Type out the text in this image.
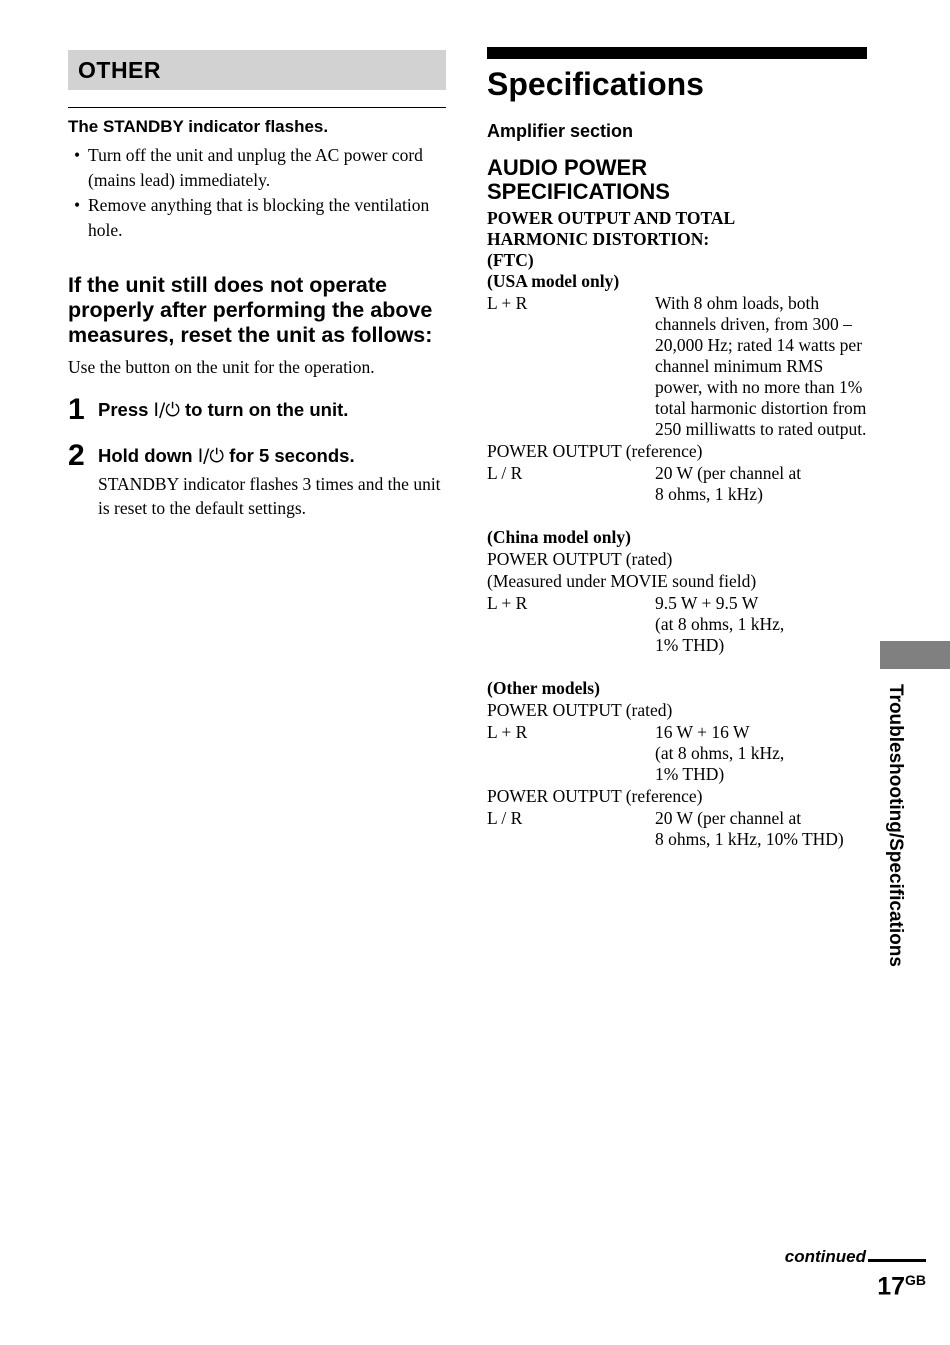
OTHER
The STANDBY indicator flashes.
• Turn off the unit and unplug the AC power cord (mains lead) immediately.
• Remove anything that is blocking the ventilation hole.
If the unit still does not operate properly after performing the above measures, reset the unit as follows:
Use the button on the unit for the operation.
1 Press I/⏻ to turn on the unit.
2 Hold down I/⏻ for 5 seconds.
STANDBY indicator flashes 3 times and the unit is reset to the default settings.
Specifications
Amplifier section
AUDIO POWER
SPECIFICATIONS
POWER OUTPUT AND TOTAL
HARMONIC DISTORTION:
(FTC)
(USA model only)
L + R	With 8 ohm loads, both channels driven, from 300 – 20,000 Hz; rated 14 watts per channel minimum RMS power, with no more than 1% total harmonic distortion from 250 milliwatts to rated output.
POWER OUTPUT (reference)
L / R	20 W (per channel at
8 ohms, 1 kHz)
(China model only)
POWER OUTPUT (rated)
(Measured under MOVIE sound field)
L + R	9.5 W + 9.5 W
(at 8 ohms, 1 kHz,
1% THD)
(Other models)
POWER OUTPUT (rated)
L + R	16 W + 16 W
(at 8 ohms, 1 kHz,
1% THD)
POWER OUTPUT (reference)
L / R	20 W (per channel at
8 ohms, 1 kHz, 10% THD)	Troubleshooting/Specifications
continued
$17^{GB}$
